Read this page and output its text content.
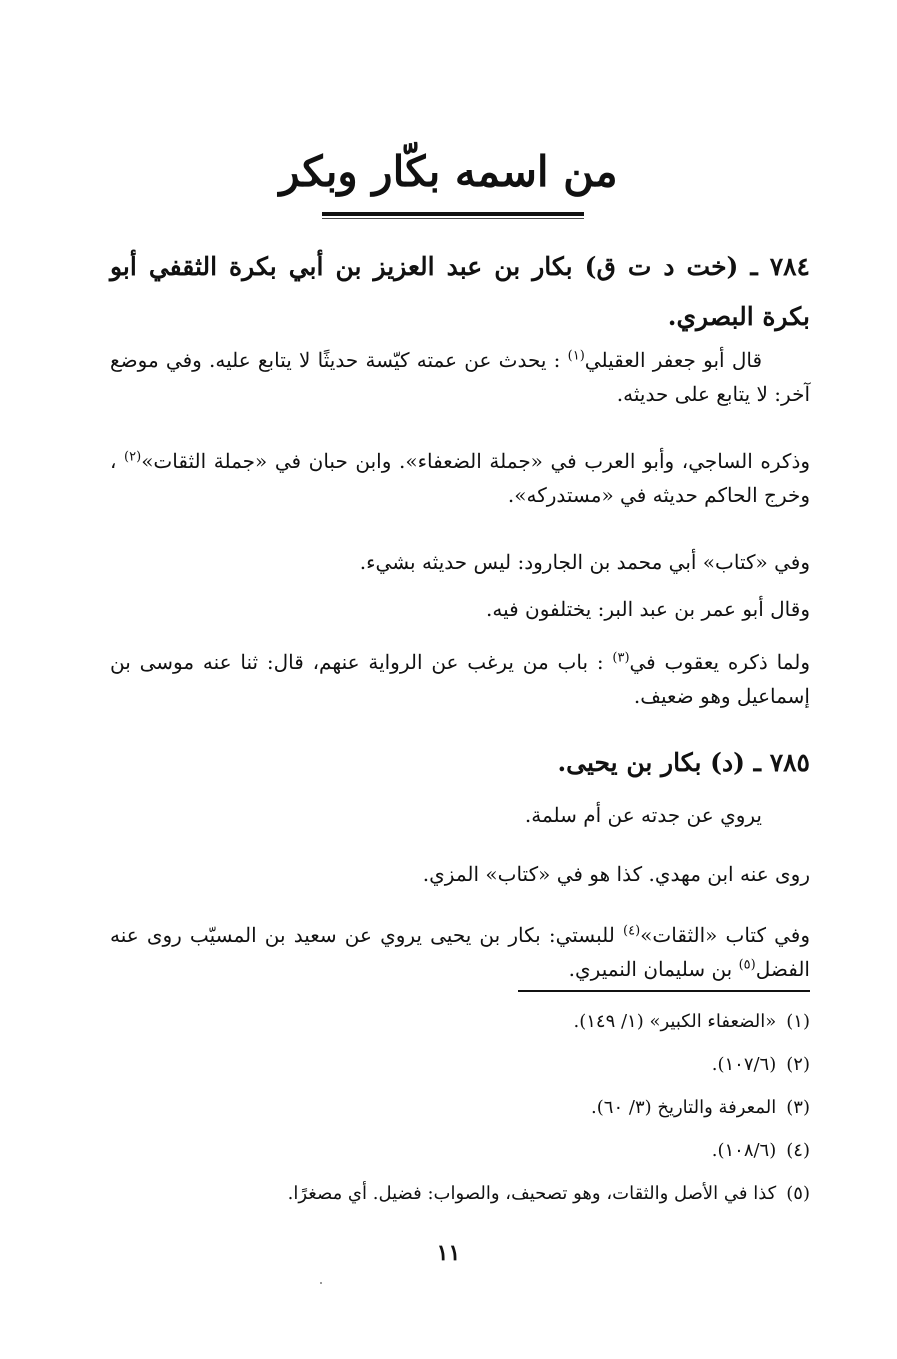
من اسمه بكّار وبكر

٧٨٤ ـ (خت د ت ق) بكار بن عبد العزيز بن أبي بكرة الثقفي أبو بكرة البصري.

قال أبو جعفر العقيلي$^{(١)}$ : يحدث عن عمته كيّسة حديثًا لا يتابع عليه. وفي موضع آخر: لا يتابع على حديثه.

وذكره الساجي، وأبو العرب في «جملة الضعفاء». وابن حبان في «جملة الثقات»$^{(٢)}$ ، وخرج الحاكم حديثه في «مستدركه».

وفي «كتاب» أبي محمد بن الجارود: ليس حديثه بشيء.

وقال أبو عمر بن عبد البر: يختلفون فيه.

ولما ذكره يعقوب في$^{(٣)}$ : باب من يرغب عن الرواية عنهم، قال: ثنا عنه موسى بن إسماعيل وهو ضعيف.

٧٨٥ ـ (د) بكار بن يحيى.

يروي عن جدته عن أم سلمة.

روى عنه ابن مهدي. كذا هو في «كتاب» المزي.

وفي كتاب «الثقات»$^{(٤)}$ للبستي: بكار بن يحيى يروي عن سعيد بن المسيّب روى عنه الفضل$^{(٥)}$ بن سليمان النميري.

(١)«الضعفاء الكبير» (١/ ١٤٩).

(٢)(١٠٧/٦).

(٣)المعرفة والتاريخ (٣/ ٦٠).

(٤)(١٠٨/٦).

(٥)كذا في الأصل والثقات، وهو تصحيف، والصواب: فضيل. أي مصغرًا.

١١
